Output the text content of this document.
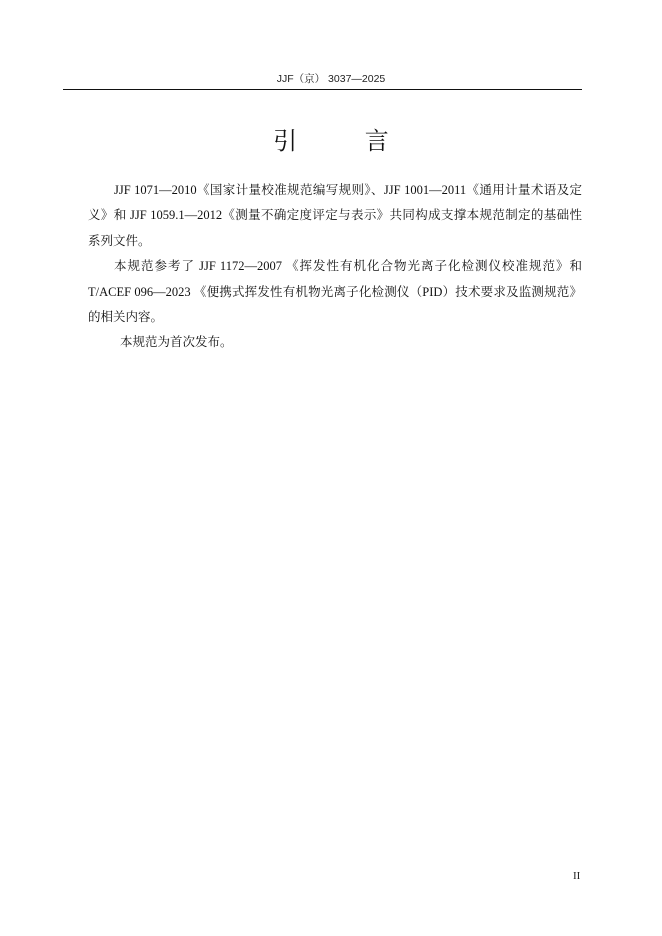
JJF（京） 3037—2025
引 言
JJF 1071—2010《国家计量校准规范编写规则》、JJF 1001—2011《通用计量术语及定
义》和 JJF 1059.1—2012《测量不确定度评定与表示》共同构成支撑本规范制定的基础性
系列文件。
本规范参考了 JJF 1172—2007 《挥发性有机化合物光离子化检测仪校准规范》和
T/ACEF 096—2023 《便携式挥发性有机物光离子化检测仪（PID）技术要求及监测规范》
的相关内容。
本规范为首次发布。
II
